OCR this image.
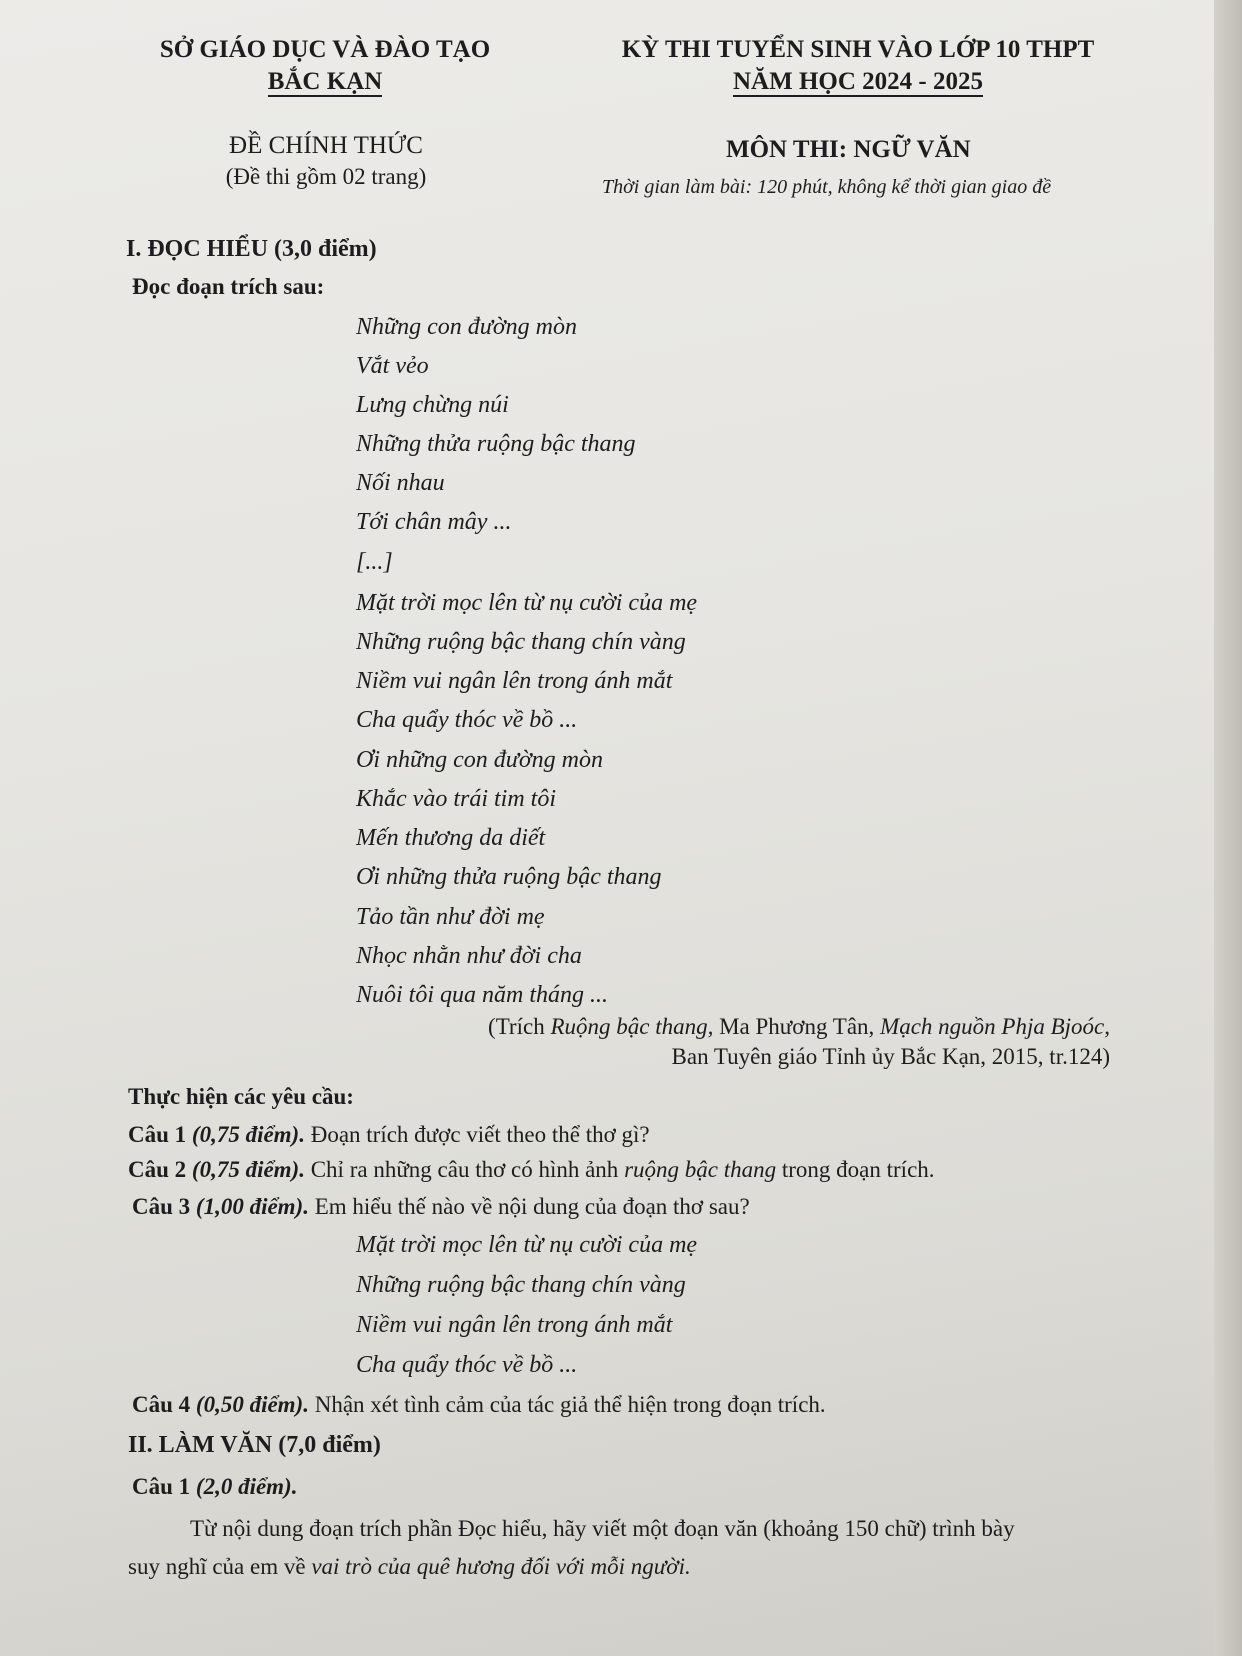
SỞ GIÁO DỤC VÀ ĐÀO TẠO
BẮC KẠN
KỲ THI TUYỂN SINH VÀO LỚP 10 THPT
NĂM HỌC 2024 - 2025
ĐỀ CHÍNH THỨC
(Đề thi gồm 02 trang)
MÔN THI: NGỮ VĂN
Thời gian làm bài: 120 phút, không kể thời gian giao đề
I. ĐỌC HIỂU (3,0 điểm)
Đọc đoạn trích sau:
Những con đường mòn
Vắt vẻo
Lưng chừng núi
Những thửa ruộng bậc thang
Nối nhau
Tới chân mây ...
[...]
Mặt trời mọc lên từ nụ cười của mẹ
Những ruộng bậc thang chín vàng
Niềm vui ngân lên trong ánh mắt
Cha quẩy thóc về bồ ...
Ơi những con đường mòn
Khắc vào trái tim tôi
Mến thương da diết
Ơi những thửa ruộng bậc thang
Tảo tần như đời mẹ
Nhọc nhằn như đời cha
Nuôi tôi qua năm tháng ...
(Trích Ruộng bậc thang, Ma Phương Tân, Mạch nguồn Phja Bjoóc,
Ban Tuyên giáo Tỉnh ủy Bắc Kạn, 2015, tr.124)
Thực hiện các yêu cầu:
Câu 1 (0,75 điểm). Đoạn trích được viết theo thể thơ gì?
Câu 2 (0,75 điểm). Chỉ ra những câu thơ có hình ảnh ruộng bậc thang trong đoạn trích.
Câu 3 (1,00 điểm). Em hiểu thế nào về nội dung của đoạn thơ sau?
Mặt trời mọc lên từ nụ cười của mẹ
Những ruộng bậc thang chín vàng
Niềm vui ngân lên trong ánh mắt
Cha quẩy thóc về bồ ...
Câu 4 (0,50 điểm). Nhận xét tình cảm của tác giả thể hiện trong đoạn trích.
II. LÀM VĂN (7,0 điểm)
Câu 1 (2,0 điểm).
Từ nội dung đoạn trích phần Đọc hiểu, hãy viết một đoạn văn (khoảng 150 chữ) trình bày
suy nghĩ của em về vai trò của quê hương đối với mỗi người.
